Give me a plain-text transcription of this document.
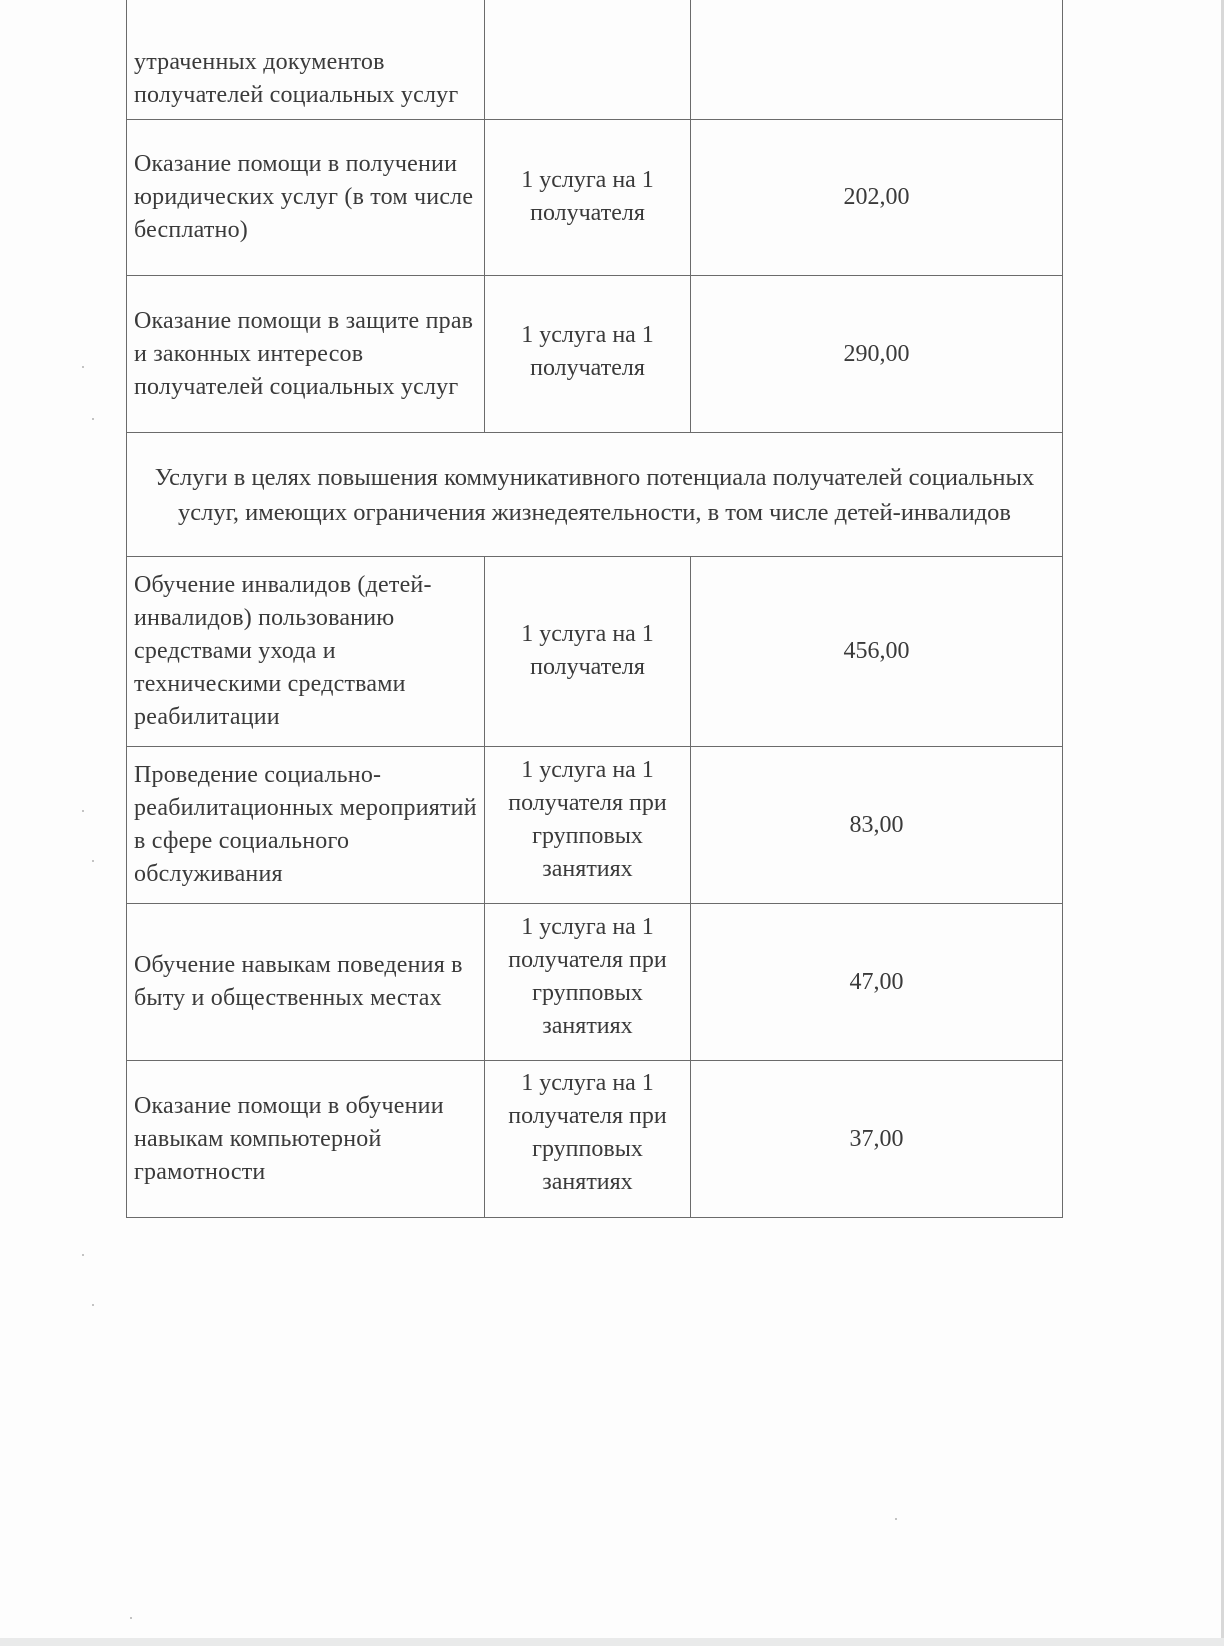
утраченных документов получателей социальных услуг		
Оказание помощи в получении юридических услуг (в том числе бесплатно)	1 услуга на 1 получателя	202,00
Оказание помощи в защите прав и законных интересов получателей социальных услуг	1 услуга на 1 получателя	290,00
Услуги в целях повышения коммуникативного потенциала получателей социальных услуг, имеющих ограничения жизнедеятельности, в том числе детей-инвалидов		
Обучение инвалидов (детей-инвалидов) пользованию средствами ухода и техническими средствами реабилитации	1 услуга на 1 получателя	456,00
Проведение социально-реабилитационных мероприятий в сфере социального обслуживания	1 услуга на 1 получателя при групповых занятиях	83,00
Обучение навыкам поведения в быту и общественных местах	1 услуга на 1 получателя при групповых занятиях	47,00
Оказание помощи в обучении навыкам компьютерной грамотности	1 услуга на 1 получателя при групповых занятиях	37,00
